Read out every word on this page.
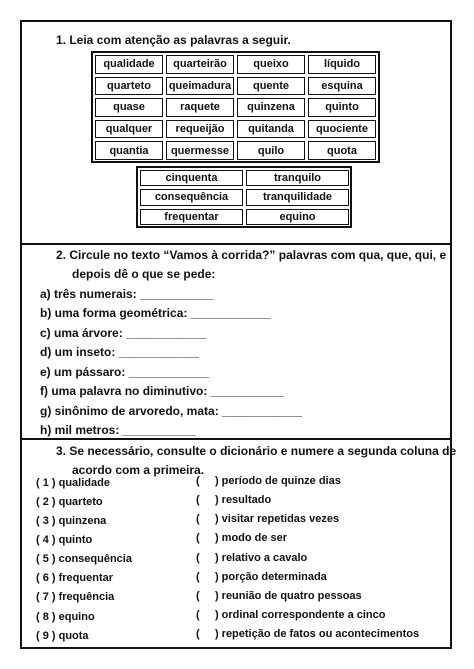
1. Leia com atenção as palavras a seguir.
qualidade	quarteirão	queixo	líquido
quarteto	queimadura	quente	esquina
quase	raquete	quinzena	quinto
qualquer	requeijão	quitanda	quociente
quantia	quermesse	quilo	quota
cinquenta	tranquilo
consequência	tranquilidade
frequentar	equino
2. Circule no texto “Vamos à corrida?” palavras com qua, que, qui, e
depois dê o que se pede:
a) três numerais: ___________
b) uma forma geométrica: ____________
c) uma árvore: ____________
d) um inseto: ____________
e) um pássaro: ____________
f) uma palavra no diminutivo: ___________
g) sinônimo de arvoredo, mata: ____________
h) mil metros: ___________
3. Se necessário, consulte o dicionário e numere a segunda coluna de
acordo com a primeira.
( 1 ) qualidade
( 2 ) quarteto
( 3 ) quinzena
( 4 ) quinto
( 5 ) consequência
( 6 ) frequentar
( 7 ) frequência
( 8 ) equino
( 9 ) quota
(     ) período de quinze dias
(     ) resultado
(     ) visitar repetidas vezes
(     ) modo de ser
(     ) relativo a cavalo
(     ) porção determinada
(     ) reunião de quatro pessoas
(     ) ordinal correspondente a cinco
(     ) repetição de fatos ou acontecimentos
